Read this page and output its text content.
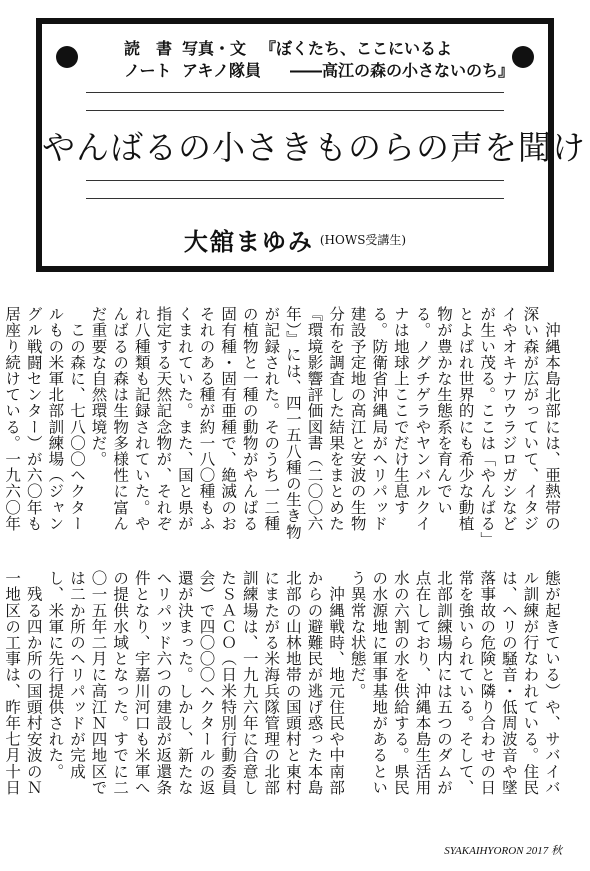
読　書
ノート
写真・文
アキノ隊員
『ぼくたち、ここにいるよ
――高江の森の小さないのち』
やんばるの小さきものらの声を聞け
大舘まゆみ (HOWS受講生)
　沖縄本島北部には、亜熱帯の深い森が広がっていて、イタジイやオキナワウラジロガシなどが生い茂る。ここは「やんばる」とよばれ世界的にも希少な動植物が豊かな生態系を育んでいる。ノグチゲラやヤンバルクイナは地球上ここでだけ生息する。防衛省沖縄局がヘリパッド建設予定地の高江と安波の生物分布を調査した結果をまとめた『環境影響評価図書（二〇〇六年）』には、四一五八種の生き物が記録された。そのうち一二種の植物と一種の動物がやんばる固有種・固有亜種で、絶滅のおそれのある種が約一八〇種もふくまれていた。また、国と県が指定する天然記念物が、それぞれ八種類も記録されていた。やんばるの森は生物多様性に富んだ重要な自然環境だ。
　この森に、七八〇〇ヘクタールもの米軍北部訓練場（ジャングル戦闘センター）が六〇年も居座り続けている。一九六〇年
態が起きている）や、サバイバル訓練が行なわれている。住民は、ヘリの騒音・低周波音や墜落事故の危険と隣り合わせの日常を強いられている。そして、北部訓練場内には五つのダムが点在しており、沖縄本島生活用水の六割の水を供給する。県民の水源地に軍事基地があるという異常な状態だ。
　沖縄戦時、地元住民や中南部からの避難民が逃げ惑った本島北部の山林地帯の国頭村と東村にまたがる米海兵隊管理の北部訓練場は、一九九六年に合意したＳＡＣＯ（日米特別行動委員会）で四〇〇〇ヘクタールの返還が決まった。しかし、新たなヘリパッド六つの建設が返還条件となり、宇嘉川河口も米軍への提供水域となった。すでに二〇一五年二月に高江Ｎ四地区では二か所のヘリパッドが完成し、米軍に先行提供された。
　残る四か所の国頭村安波のＮ一地区の工事は、昨年七月十日
SYAKAIHYORON 2017 秋
